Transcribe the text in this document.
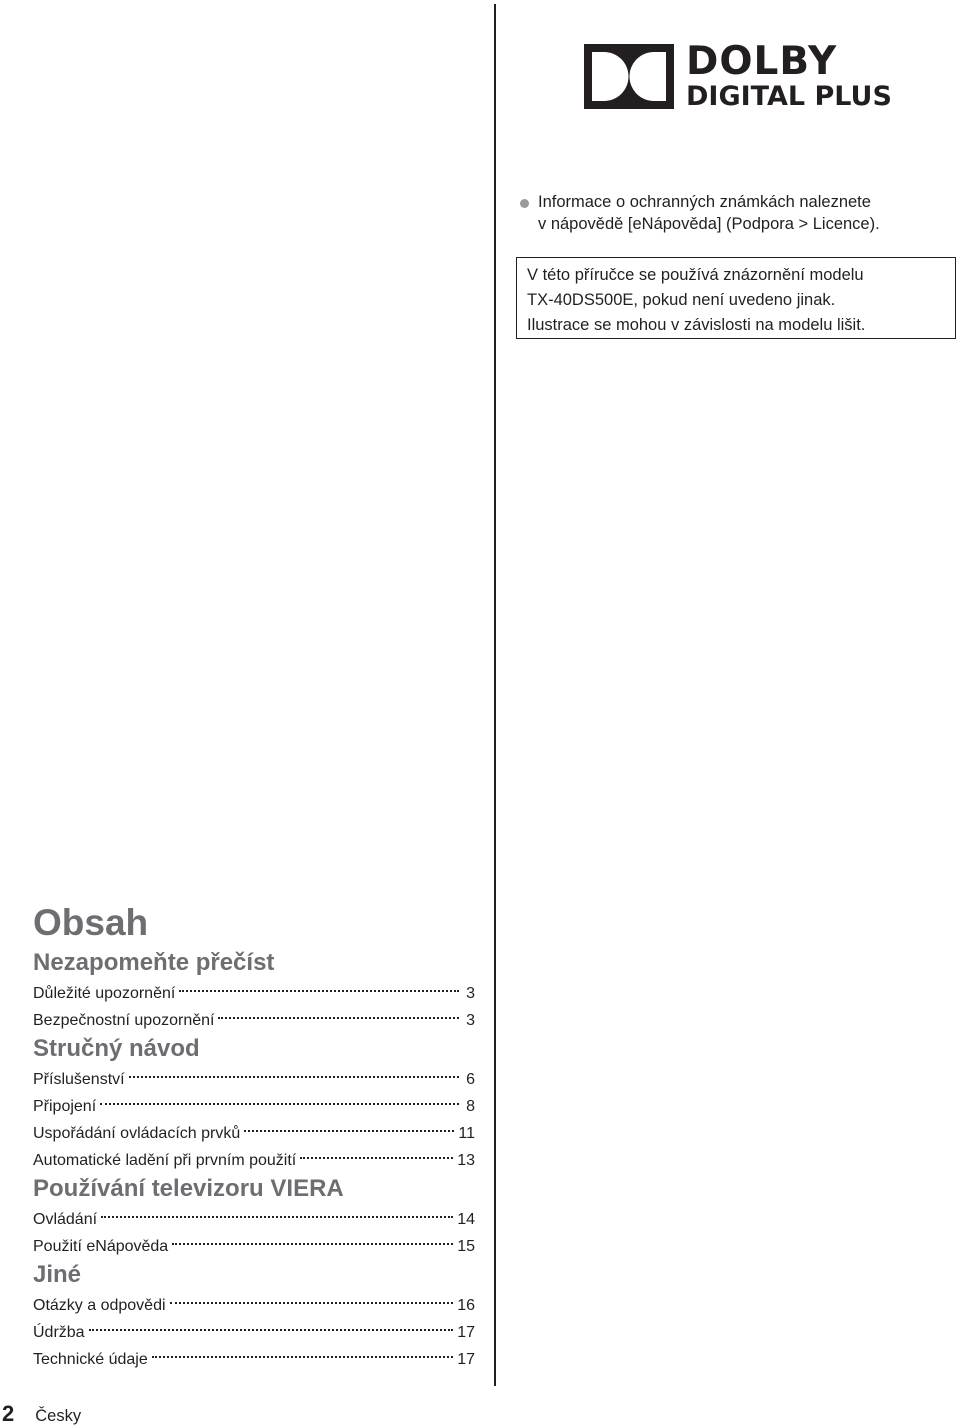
DOLBY
DIGITAL PLUS
Informace o ochranných známkách naleznete
v nápovědě [eNápověda] (Podpora > Licence).
V této příručce se používá znázornění modelu
TX-40DS500E, pokud není uvedeno jinak.
Ilustrace se mohou v závislosti na modelu lišit.
Obsah
Nezapomeňte přečíst
Důležité upozornění	3
Bezpečnostní upozornění	3
Stručný návod
Příslušenství	6
Připojení	8
Uspořádání ovládacích prvků	11
Automatické ladění při prvním použití	13
Používání televizoru VIERA
Ovládání	14
Použití eNápověda	15
Jiné
Otázky a odpovědi	16
Údržba	17
Technické údaje	17
2 Česky
